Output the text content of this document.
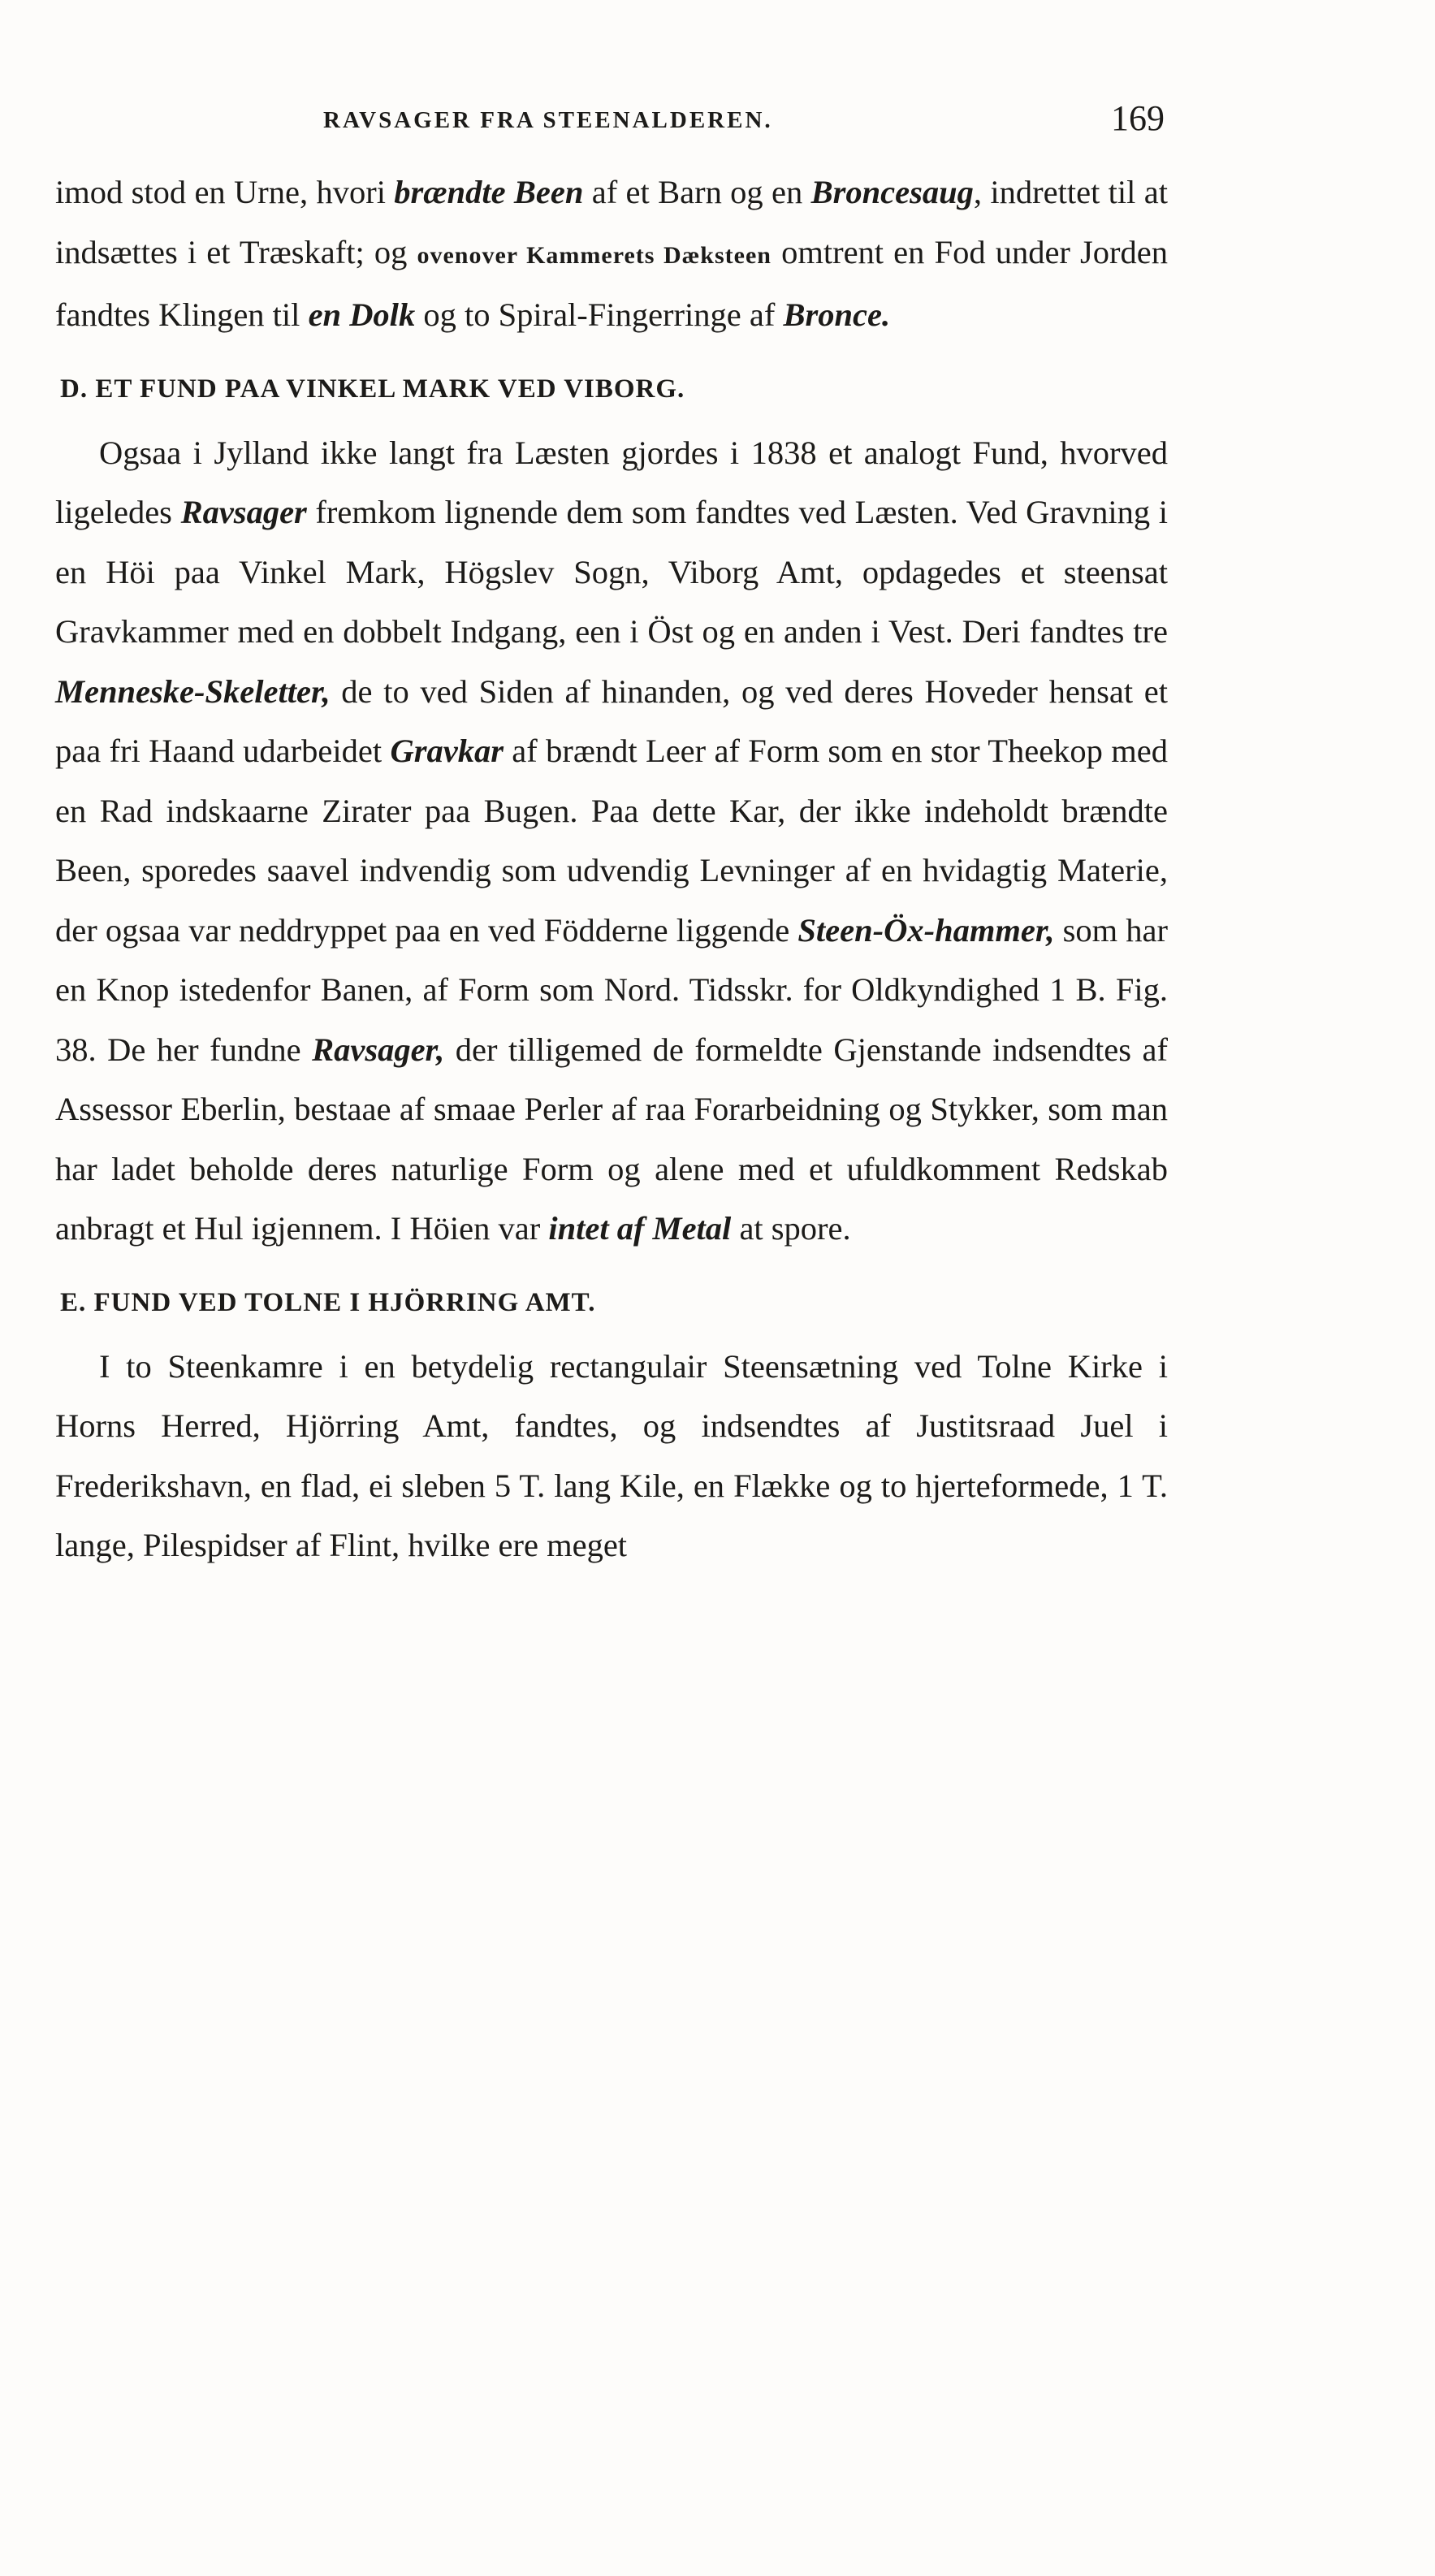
RAVSAGER FRA STEENALDEREN.	169

imod stod en Urne, hvori brændte Been af et Barn og en Broncesaug, indrettet til at indsættes i et Træskaft; og ovenover Kammerets Dæksteen omtrent en Fod under Jorden fandtes Klingen til en Dolk og to Spiral-Fingerringe af Bronce.

D. ET FUND PAA VINKEL MARK VED VIBORG.

Ogsaa i Jylland ikke langt fra Læsten gjordes i 1838 et analogt Fund, hvorved ligeledes Ravsager fremkom lignende dem som fandtes ved Læsten. Ved Gravning i en Höi paa Vinkel Mark, Högslev Sogn, Viborg Amt, opdagedes et steensat Gravkammer med en dobbelt Indgang, een i Öst og en anden i Vest. Deri fandtes tre Menneske-Skeletter, de to ved Siden af hinanden, og ved deres Hoveder hensat et paa fri Haand udarbeidet Gravkar af brændt Leer af Form som en stor Theekop med en Rad indskaarne Zirater paa Bugen. Paa dette Kar, der ikke indeholdt brændte Been, sporedes saavel indvendig som udvendig Levninger af en hvidagtig Materie, der ogsaa var neddryppet paa en ved Födderne liggende Steen-Öx-hammer, som har en Knop istedenfor Banen, af Form som Nord. Tidsskr. for Oldkyndighed 1 B. Fig. 38. De her fundne Ravsager, der tilligemed de formeldte Gjenstande indsendtes af Assessor Eberlin, bestaae af smaae Perler af raa Forarbeidning og Stykker, som man har ladet beholde deres naturlige Form og alene med et ufuldkomment Redskab anbragt et Hul igjennem. I Höien var intet af Metal at spore.

E. FUND VED TOLNE I HJÖRRING AMT.

I to Steenkamre i en betydelig rectangulair Steensætning ved Tolne Kirke i Horns Herred, Hjörring Amt, fandtes, og indsendtes af Justitsraad Juel i Frederikshavn, en flad, ei sleben 5 T. lang Kile, en Flække og to hjerteformede, 1 T. lange, Pilespidser af Flint, hvilke ere meget
